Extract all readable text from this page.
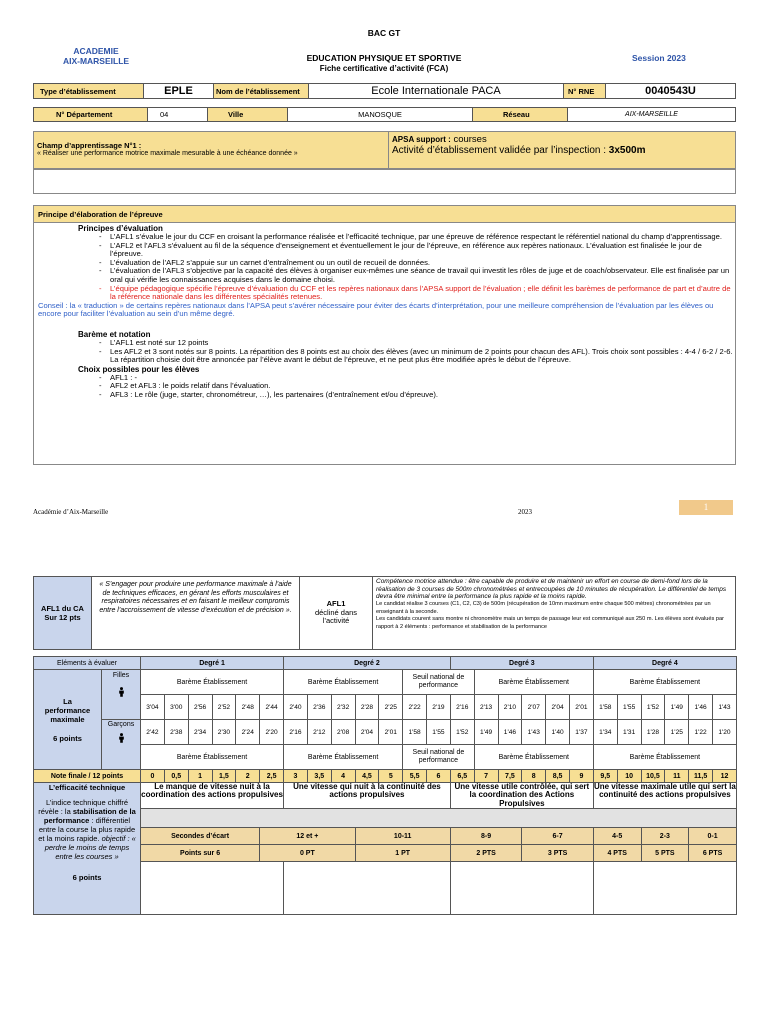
BAC GT
ACADEMIE
AIX-MARSEILLE	EDUCATION PHYSIQUE ET SPORTIVE
Fiche certificative d’activité (FCA)
Session 2023
Type d’établissement	EPLE	Nom de l’établissement	Ecole Internationale PACA	N° RNE	0040543U
N° Département	04	Ville	MANOSQUE	Réseau	AIX-MARSEILLE
Champ d’apprentissage N°1 :
« Réaliser une performance motrice maximale mesurable à une échéance donnée »
APSA support : courses
Activité d’établissement validée par l’inspection : 3x500m
Principe d’élaboration de l’épreuve
Principes d’évaluation
- L’AFL1 s’évalue le jour du CCF en croisant la performance réalisée et l’efficacité technique, par une épreuve de référence respectant le référentiel national du champ d’apprentissage.
- L’AFL2 et l’AFL3 s’évaluent au fil de la séquence d’enseignement et éventuellement le jour de l’épreuve, en référence aux repères nationaux. L’évaluation est finalisée le jour de l’épreuve.
- L’évaluation de l’AFL2 s’appuie sur un carnet d’entraînement ou un outil de recueil de données.
- L’évaluation de l’AFL3 s’objective par la capacité des élèves à organiser eux-mêmes une séance de travail qui investit les rôles de juge et de coach/observateur. Elle est finalisée par un oral qui vérifie les connaissances acquises dans le domaine choisi.
- L’équipe pédagogique spécifie l’épreuve d’évaluation du CCF et les repères nationaux dans l’APSA support de l’évaluation ; elle définit les barèmes de performance de part et d’autre de la référence nationale dans les différentes spécialités retenues.
Conseil : la « traduction » de certains repères nationaux dans l’APSA peut s’avérer nécessaire pour éviter des écarts d’interprétation, pour une meilleure compréhension de l’évaluation par les élèves ou encore pour faciliter l’évaluation au sein d’un même degré.
Barème et notation
- L’AFL1 est noté sur 12 points
- Les AFL2 et 3 sont notés sur 8 points. La répartition des 8 points est au choix des élèves (avec un minimum de 2 points pour chacun des AFL). Trois choix sont possibles : 4-4 / 6-2 / 2-6. La répartition choisie doit être annoncée par l’élève avant le début de l’épreuve, et ne peut plus être modifiée après le début de l’épreuve.
Choix possibles pour les élèves
- AFL1 : -
- AFL2 et AFL3 : le poids relatif dans l’évaluation.
- AFL3 : Le rôle (juge, starter, chronométreur, …), les partenaires (d’entraînement et/ou d’épreuve).
Académie d’Aix-Marseille	2023	1
AFL1 du CA
Sur 12 pts
« S’engager pour produire une performance maximale à l’aide de techniques efficaces, en gérant les efforts musculaires et respiratoires nécessaires et en faisant le meilleur compromis entre l’accroissement de vitesse d’exécution et de précision ».
AFL1
décliné dans
l’activité
Compétence motrice attendue : être capable de produire et de maintenir un effort en course de demi-fond lors de la réalisation de 3 courses de 500m chronométrées et entrecoupées de 10 minutes de récupération. Le différentiel de temps devra être minimal entre la performance la plus rapide et la moins rapide.
Le candidat réalise 3 courses (C1, C2, C3) de 500m (récupération de 10mn maximum entre chaque 500 mètres) chronométrées par un enseignant à la seconde.
Les candidats courent sans montre ni chronomètre mais un temps de passage leur est communiqué aux 250 m. Les élèves sont évalués par rapport à 2 éléments : performance et stabilisation de la performance
Eléments à évaluer		Degré 1						Degré 2							Degré 3						Degré 4					

La
performance
maximale
6 points	Filles	Barème Établissement						Barème Établissement					Seuil national de performance			Barème Établissement					Barème Établissement					
		3'04	3'00	2'56	2'52	2'48	2'44	2'40	2'36	2'32	2'28	2'25	2'22	2'19	2'16	2'13	2'10	2'07	2'04	2'01	1'58	1'55	1'52	1'49	1'46	1'43

	Garçons	2'42	2'38	2'34	2'30	2'24	2'20	2'16	2'12	2'08	2'04	2'01	1'58	1'55	1'52	1'49	1'46	1'43	1'40	1'37	1'34	1'31	1'28	1'25	1'22	1'20
		Barème Établissement						Barème Établissement					Seuil national de performance			Barème Établissement					Barème Établissement					
Note finale / 12 points		0	0,5	1	1,5	2	2,5	3	3,5	4	4,5	5	5,5	6	6,5	7	7,5	8	8,5	9	9,5	10	10,5	11	11,5	12

L’efficacité technique
L’indice technique chiffré révèle : la stabilisation de la performance : différentiel entre la course la plus rapide et la moins rapide. objectif : « perdre le moins de temps entre les courses »
6 points		Le manque de vitesse nuit à la coordination des actions propulsives						Une vitesse qui nuit à la continuité des actions propulsives							Une vitesse utile contrôlée, qui sert la coordination des Actions Propulsives						Une vitesse maximale utile qui sert la continuité des actions propulsives					

		Secondes d’écart					12 et +				10-11				8-9			6-7			4-5		2-3		0-1	
		Points sur 6					0 PT				1 PT				2 PTS			3 PTS			4 PTS		5 PTS		6 PTS	
